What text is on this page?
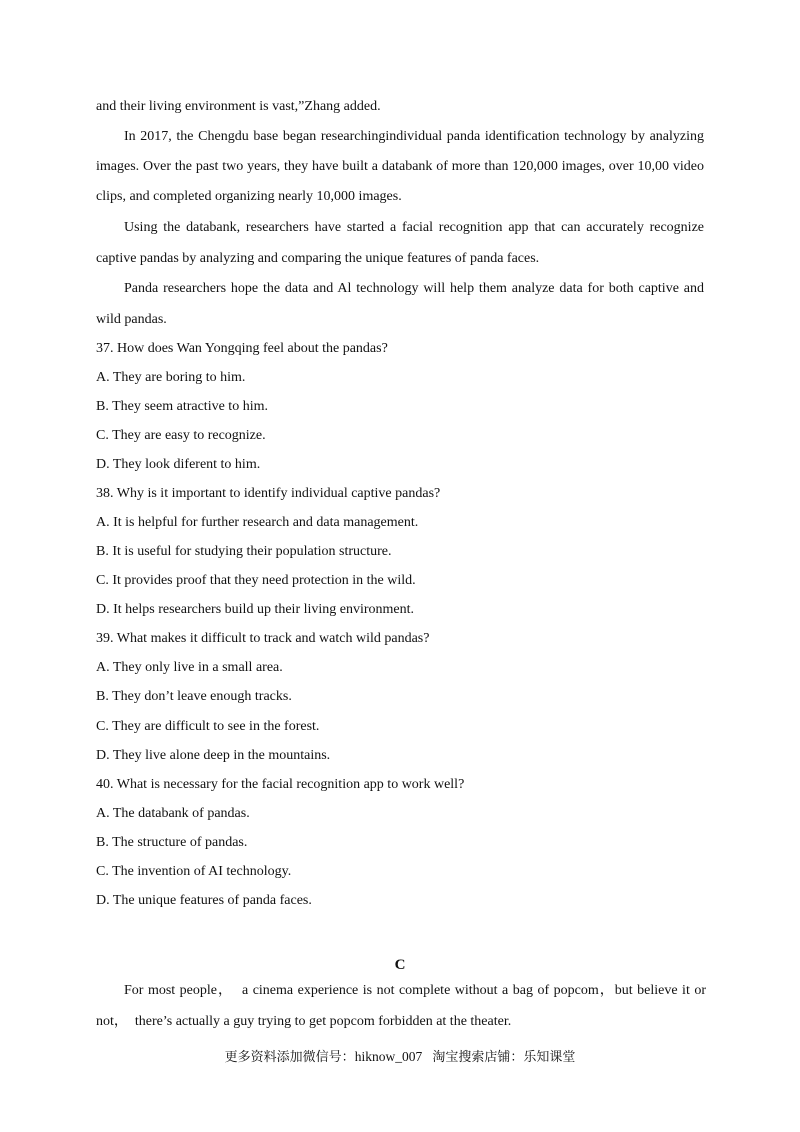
and their living environment is vast,”Zhang added.
In 2017, the Chengdu base began researchingindividual panda identification technology by analyzing
images. Over the past two years, they have built a databank of more than 120,000 images, over 10,00 video
clips, and completed organizing nearly 10,000 images.
Using the databank, researchers have started a facial recognition app that can accurately recognize
captive pandas by analyzing and comparing the unique features of panda faces.
Panda researchers hope the data and Al technology will help them analyze data for both captive and
wild pandas.
37. How does Wan Yongqing feel about the pandas?
A. They are boring to him.
B. They seem atractive to him.
C. They are easy to recognize.
D. They look diferent to him.
38. Why is it important to identify individual captive pandas?
A. It is helpful for further research and data management.
B. It is useful for studying their population structure.
C. It provides proof that they need protection in the wild.
D. It helps researchers build up their living environment.
39. What makes it difficult to track and watch wild pandas?
A. They only live in a small area.
B. They don’t leave enough tracks.
C. They are difficult to see in the forest.
D. They live alone deep in the mountains.
40. What is necessary for the facial recognition app to work well?
A. The databank of pandas.
B. The structure of pandas.
C. The invention of AI technology.
D. The unique features of panda faces.
C
For most people，  a cinema experience is not complete without a bag of popcom，but believe it or
not，  there’s actually a guy trying to get popcom forbidden at the theater.
更多资料添加微信号：hiknow_007 淘宝搜索店铺：乐知课堂
